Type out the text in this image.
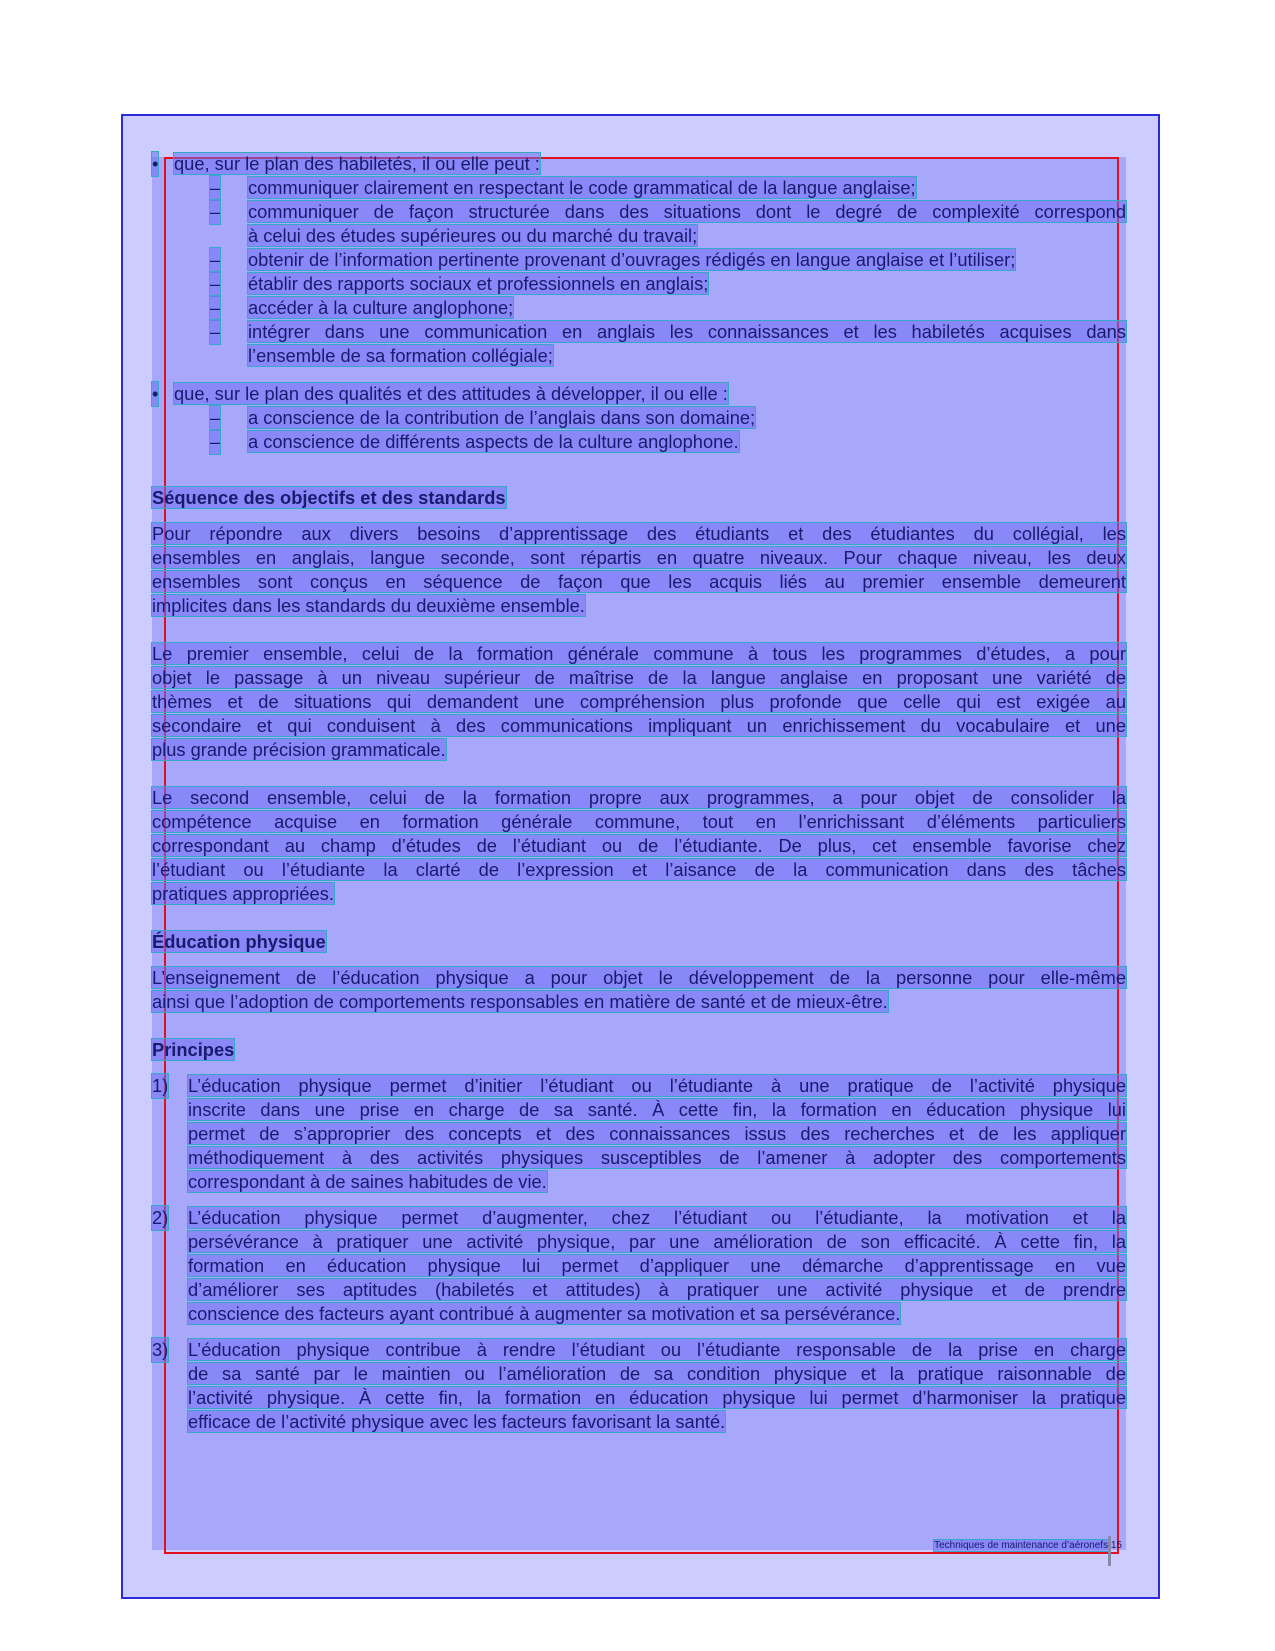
• que, sur le plan des habiletés, il ou elle peut :
– communiquer clairement en respectant le code grammatical de la langue anglaise;
– communiquer de façon structurée dans des situations dont le degré de complexité correspond
à celui des études supérieures ou du marché du travail;
– obtenir de l’information pertinente provenant d’ouvrages rédigés en langue anglaise et l’utiliser;
– établir des rapports sociaux et professionnels en anglais;
– accéder à la culture anglophone;
– intégrer dans une communication en anglais les connaissances et les habiletés acquises dans
l’ensemble de sa formation collégiale;
• que, sur le plan des qualités et des attitudes à développer, il ou elle :
– a conscience de la contribution de l’anglais dans son domaine;
– a conscience de différents aspects de la culture anglophone.
Séquence des objectifs et des standards
Pour répondre aux divers besoins d’apprentissage des étudiants et des étudiantes du collégial, les
ensembles en anglais, langue seconde, sont répartis en quatre niveaux. Pour chaque niveau, les deux
ensembles sont conçus en séquence de façon que les acquis liés au premier ensemble demeurent
implicites dans les standards du deuxième ensemble.
Le premier ensemble, celui de la formation générale commune à tous les programmes d’études, a pour
objet le passage à un niveau supérieur de maîtrise de la langue anglaise en proposant une variété de
thèmes et de situations qui demandent une compréhension plus profonde que celle qui est exigée au
secondaire et qui conduisent à des communications impliquant un enrichissement du vocabulaire et une
plus grande précision grammaticale.
Le second ensemble, celui de la formation propre aux programmes, a pour objet de consolider la
compétence acquise en formation générale commune, tout en l’enrichissant d’éléments particuliers
correspondant au champ d’études de l’étudiant ou de l’étudiante. De plus, cet ensemble favorise chez
l’étudiant ou l’étudiante la clarté de l’expression et l’aisance de la communication dans des tâches
pratiques appropriées.
Éducation physique
L’enseignement de l’éducation physique a pour objet le développement de la personne pour elle-même
ainsi que l’adoption de comportements responsables en matière de santé et de mieux-être.
Principes
1) L’éducation physique permet d’initier l’étudiant ou l’étudiante à une pratique de l’activité physique
inscrite dans une prise en charge de sa santé. À cette fin, la formation en éducation physique lui
permet de s’approprier des concepts et des connaissances issus des recherches et de les appliquer
méthodiquement à des activités physiques susceptibles de l’amener à adopter des comportements
correspondant à de saines habitudes de vie.
2) L’éducation physique permet d’augmenter, chez l’étudiant ou l’étudiante, la motivation et la
persévérance à pratiquer une activité physique, par une amélioration de son efficacité. À cette fin, la
formation en éducation physique lui permet d’appliquer une démarche d’apprentissage en vue
d’améliorer ses aptitudes (habiletés et attitudes) à pratiquer une activité physique et de prendre
conscience des facteurs ayant contribué à augmenter sa motivation et sa persévérance.
3) L’éducation physique contribue à rendre l’étudiant ou l’étudiante responsable de la prise en charge
de sa santé par le maintien ou l’amélioration de sa condition physique et la pratique raisonnable de
l’activité physique. À cette fin, la formation en éducation physique lui permet d’harmoniser la pratique
efficace de l’activité physique avec les facteurs favorisant la santé.
Techniques de maintenance d’aéronefs 15
